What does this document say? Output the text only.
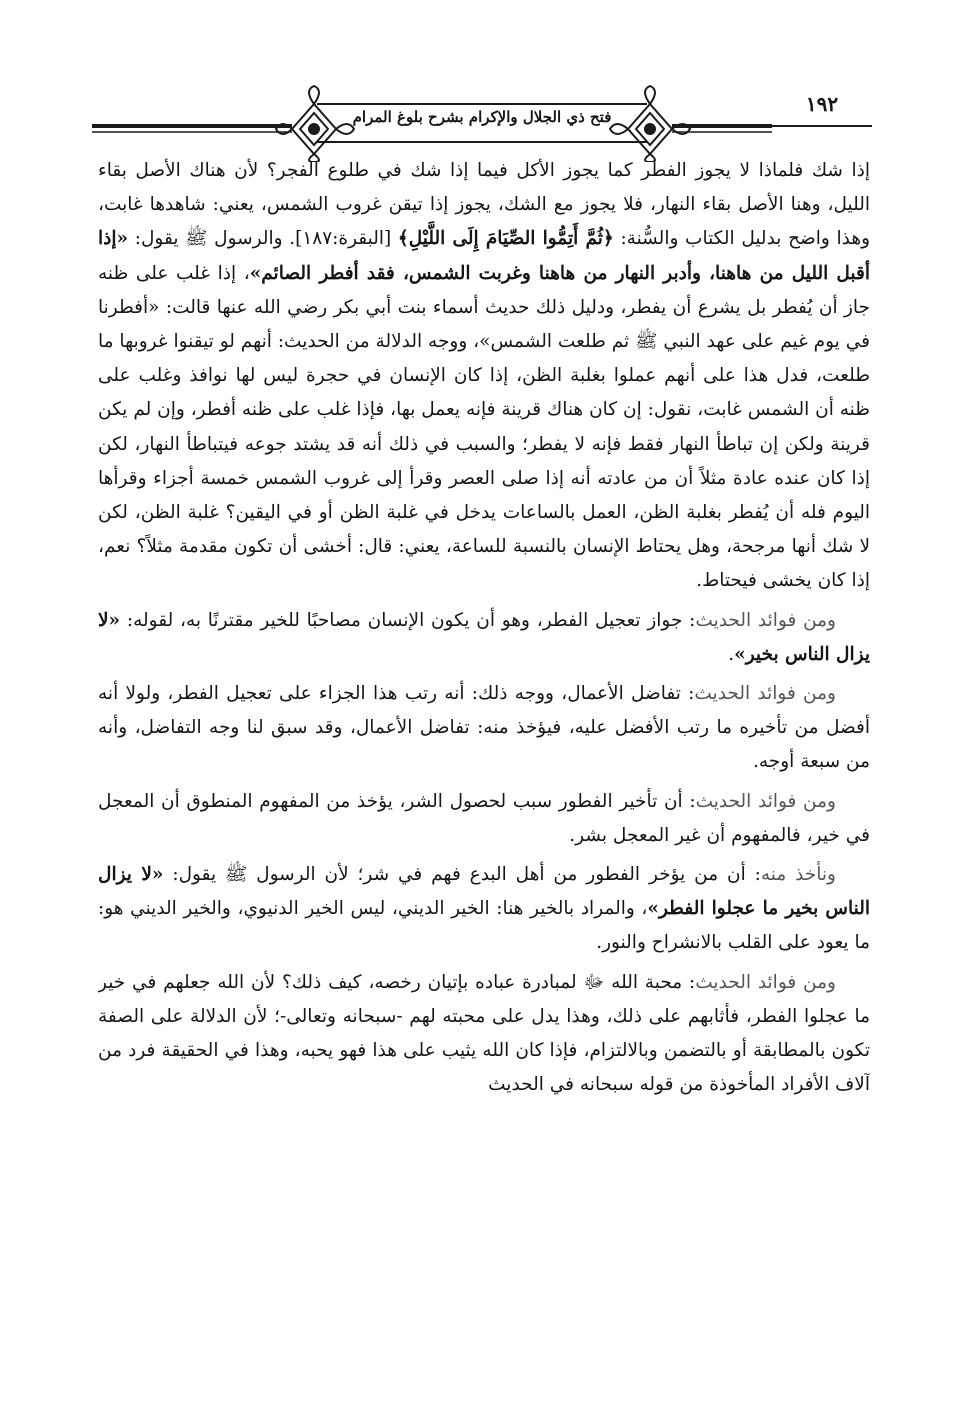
فتح ذي الجلال والإكرام بشرح بلوغ المرام
١٩٢

إذا شك فلماذا لا يجوز الفطر كما يجوز الأكل فيما إذا شك في طلوع الفجر؟ لأن هناك الأصل بقاء الليل، وهنا الأصل بقاء النهار، فلا يجوز مع الشك، يجوز إذا تيقن غروب الشمس، يعني: شاهدها غابت، وهذا واضح بدليل الكتاب والسُّنة: ﴿ثُمَّ أَتِمُّوا الصِّيَامَ إِلَى اللَّيْلِ﴾ [البقرة:١٨٧]. والرسول ﷺ يقول: «إذا أقبل الليل من هاهنا، وأدبر النهار من هاهنا وغربت الشمس، فقد أفطر الصائم»، إذا غلب على ظنه جاز أن يُفطر بل يشرع أن يفطر، ودليل ذلك حديث أسماء بنت أبي بكر رضي الله عنها قالت: «أفطرنا في يوم غيم على عهد النبي ﷺ ثم طلعت الشمس»، ووجه الدلالة من الحديث: أنهم لو تيقنوا غروبها ما طلعت، فدل هذا على أنهم عملوا بغلبة الظن، إذا كان الإنسان في حجرة ليس لها نوافذ وغلب على ظنه أن الشمس غابت، نقول: إن كان هناك قرينة فإنه يعمل بها، فإذا غلب على ظنه أفطر، وإن لم يكن قرينة ولكن إن تباطأ النهار فقط فإنه لا يفطر؛ والسبب في ذلك أنه قد يشتد جوعه فيتباطأ النهار، لكن إذا كان عنده عادة مثلاً أن من عادته أنه إذا صلى العصر وقرأ إلى غروب الشمس خمسة أجزاء وقرأها اليوم فله أن يُفطر بغلبة الظن، العمل بالساعات يدخل في غلبة الظن أو في اليقين؟ غلبة الظن، لكن لا شك أنها مرجحة، وهل يحتاط الإنسان بالنسبة للساعة، يعني: قال: أخشى أن تكون مقدمة مثلاً؟ نعم، إذا كان يخشى فيحتاط.

ومن فوائد الحديث: جواز تعجيل الفطر، وهو أن يكون الإنسان مصاحبًا للخير مقترنًا به، لقوله: «لا يزال الناس بخير».

ومن فوائد الحديث: تفاضل الأعمال، ووجه ذلك: أنه رتب هذا الجزاء على تعجيل الفطر، ولولا أنه أفضل من تأخيره ما رتب الأفضل عليه، فيؤخذ منه: تفاضل الأعمال، وقد سبق لنا وجه التفاضل، وأنه من سبعة أوجه.

ومن فوائد الحديث: أن تأخير الفطور سبب لحصول الشر، يؤخذ من المفهوم المنطوق أن المعجل في خير، فالمفهوم أن غير المعجل بشر.

ونأخذ منه: أن من يؤخر الفطور من أهل البدع فهم في شر؛ لأن الرسول ﷺ يقول: «لا يزال الناس بخير ما عجلوا الفطر»، والمراد بالخير هنا: الخير الديني، ليس الخير الدنيوي، والخير الديني هو: ما يعود على القلب بالانشراح والنور.

ومن فوائد الحديث: محبة الله ﷻ لمبادرة عباده بإتيان رخصه، كيف ذلك؟ لأن الله جعلهم في خير ما عجلوا الفطر، فأثابهم على ذلك، وهذا يدل على محبته لهم -سبحانه وتعالى-؛ لأن الدلالة على الصفة تكون بالمطابقة أو بالتضمن وبالالتزام، فإذا كان الله يثيب على هذا فهو يحبه، وهذا في الحقيقة فرد من آلاف الأفراد المأخوذة من قوله سبحانه في الحديث
